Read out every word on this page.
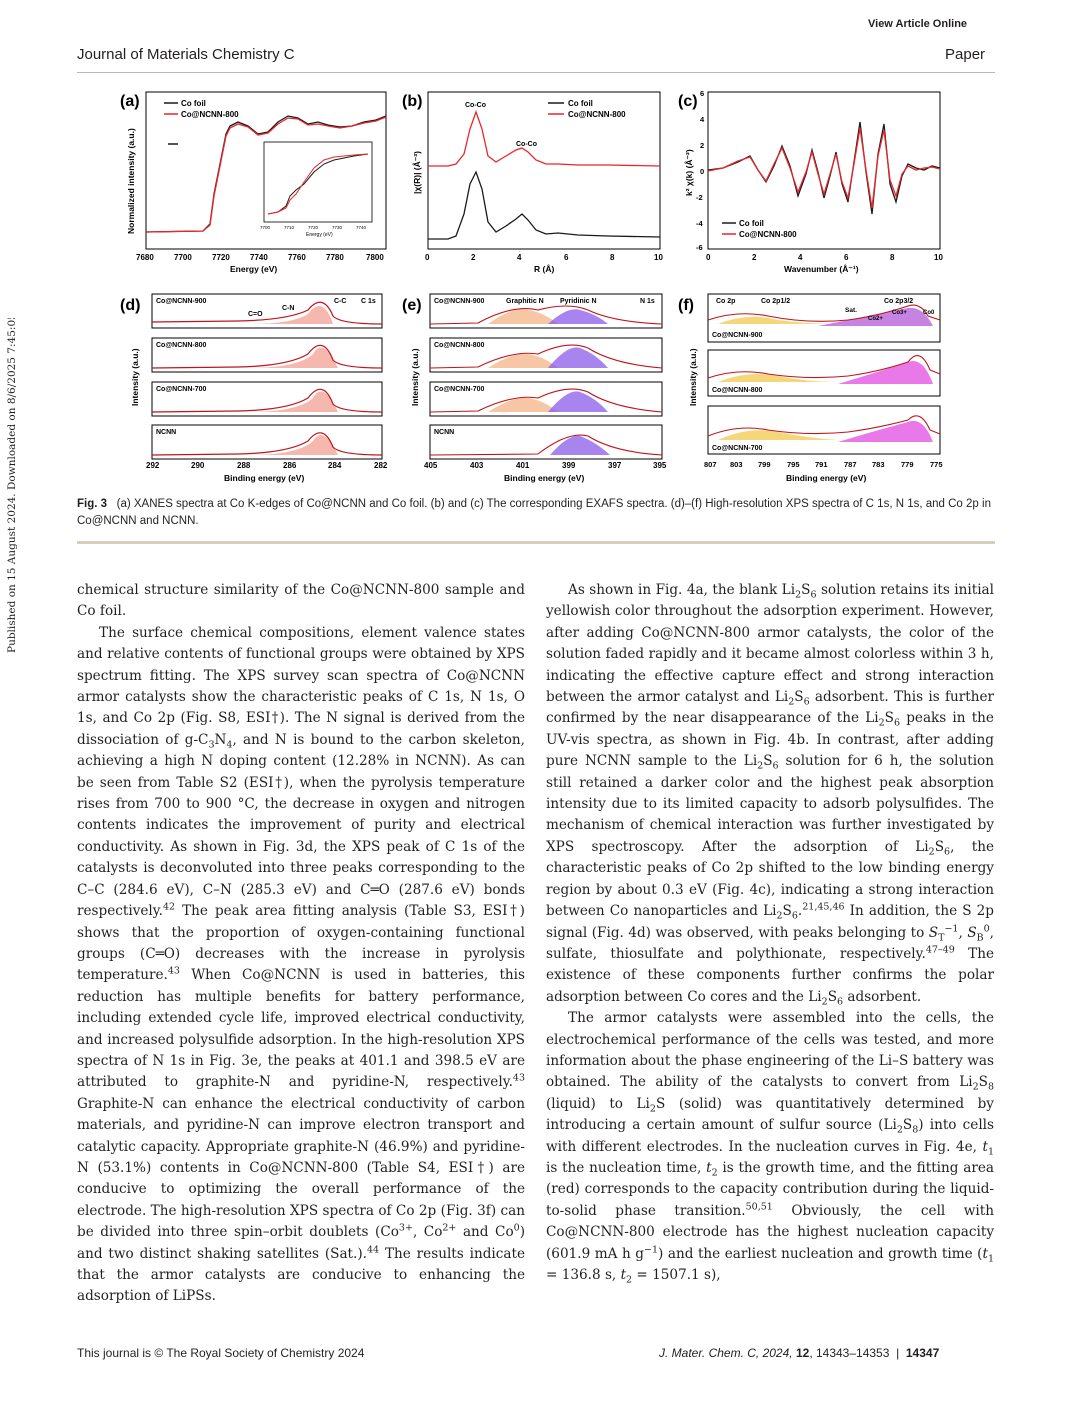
Published on 15 August 2024. Downloaded on 8/6/2025 7:45:05 AM.
View Article Online
Journal of Materials Chemistry C	Paper
(a)
Normalized intensity (a.u.)
Co foil
Co@NCNN-800
7700	7710	7720	7730	7740
Energy (eV)
7680	7700	7720	7740	7760	7780	7800
Energy (eV)
(b)
|χ(R)| (Å⁻³)
Co-Co
Co-Co
Co foil
Co@NCNN-800
0	2	4	6	8	10
R (Å)
(c)
k² χ(k) (Å⁻²)
6
4
2
0
-2
-4
-6
Co foil
Co@NCNN-800
0	2	4	6	8	10
Wavenumber (Å⁻¹)
(d)
Intensity (a.u.)
Co@NCNN-900
Co@NCNN-800
Co@NCNN-700
NCNN
C 1s
C=O
C-N
C-C
292	290	288	286	284	282
Binding energy (eV)
(e)
Intensity (a.u.)
Co@NCNN-900
Co@NCNN-800
Co@NCNN-700
NCNN
Graphitic N Pyridinic N	N 1s
405	403	401	399	397	395
Binding energy (eV)
(f)
Intensity (a.u.)
Co 2p	Co 2p1/2	Co 2p3/2
Sat.
Co2+
Co3+	Co0
Co@NCNN-900
Co@NCNN-800
Co@NCNN-700
807 803 799 795 791 787 783 779 775
Binding energy (eV)
Fig. 3 (a) XANES spectra at Co K-edges of Co@NCNN and Co foil. (b) and (c) The corresponding EXAFS spectra. (d)–(f) High-resolution XPS spectra of C 1s, N 1s, and Co 2p in Co@NCNN and NCNN.

chemical structure similarity of the Co@NCNN-800 sample and Co foil.

The surface chemical compositions, element valence states and relative contents of functional groups were obtained by XPS spectrum fitting. The XPS survey scan spectra of Co@NCNN armor catalysts show the characteristic peaks of C 1s, N 1s, O 1s, and Co 2p (Fig. S8, ESI†). The N signal is derived from the dissociation of $g-C_3N_4$, and N is bound to the carbon skeleton, achieving a high N doping content (12.28% in NCNN). As can be seen from Table S2 (ESI†), when the pyrolysis temperature rises from 700 to 900 °C, the decrease in oxygen and nitrogen contents indicates the improvement of purity and electrical conductivity. As shown in Fig. 3d, the XPS peak of C 1s of the catalysts is deconvoluted into three peaks corresponding to the C–C (284.6 eV), C–N (285.3 eV) and C═O (287.6 eV) bonds respectively.$^{42}$ The peak area fitting analysis (Table S3, ESI†) shows that the proportion of oxygen-containing functional groups (C═O) decreases with the increase in pyrolysis temperature.$^{43}$ When Co@NCNN is used in batteries, this reduction has multiple benefits for battery performance, including extended cycle life, improved electrical conductivity, and increased polysulfide adsorption. In the high-resolution XPS spectra of N 1s in Fig. 3e, the peaks at 401.1 and 398.5 eV are attributed to graphite-N and pyridine-N, respectively.$^{43}$ Graphite-N can enhance the electrical conductivity of carbon materials, and pyridine-N can improve electron transport and catalytic capacity. Appropriate graphite-N (46.9%) and pyridine-N (53.1%) contents in Co@NCNN-800 (Table S4, ESI†) are conducive to optimizing the overall performance of the electrode. The high-resolution XPS spectra of Co 2p (Fig. 3f) can be divided into three spin–orbit doublets ($Co^{3+}$, $Co^{2+}$ and Co$^0$) and two distinct shaking satellites (Sat.).$^{44}$ The results indicate that the armor catalysts are conducive to enhancing the adsorption of LiPSs.

As shown in Fig. 4a, the blank $Li_2S_6$ solution retains its initial yellowish color throughout the adsorption experiment. However, after adding Co@NCNN-800 armor catalysts, the color of the solution faded rapidly and it became almost colorless within 3 h, indicating the effective capture effect and strong interaction between the armor catalyst and $Li_2S_6$ adsorbent. This is further confirmed by the near disappearance of the $Li_2S_6$ peaks in the UV-vis spectra, as shown in Fig. 4b. In contrast, after adding pure NCNN sample to the $Li_2S_6$ solution for 6 h, the solution still retained a darker color and the highest peak absorption intensity due to its limited capacity to adsorb polysulfides. The mechanism of chemical interaction was further investigated by XPS spectroscopy. After the adsorption of $Li_2S_6$, the characteristic peaks of Co 2p shifted to the low binding energy region by about 0.3 eV (Fig. 4c), indicating a strong interaction between Co nanoparticles and $Li_2S_6.^{21,45,46}$ In addition, the S 2p signal (Fig. 4d) was observed, with peaks belonging to $S_T^{-1}$, $S_B^0$, sulfate, thiosulfate and polythionate, respectively.$^{47-49}$ The existence of these components further confirms the polar adsorption between Co cores and the $Li_2S_6$ adsorbent.

The armor catalysts were assembled into the cells, the electrochemical performance of the cells was tested, and more information about the phase engineering of the Li–S battery was obtained. The ability of the catalysts to convert from $Li_2S_8$ (liquid) to $Li_2S$ (solid) was quantitatively determined by introducing a certain amount of sulfur source $(Li_2S_8)$ into cells with different electrodes. In the nucleation curves in Fig. 4e, $t_1$ is the nucleation time, $t_2$ is the growth time, and the fitting area (red) corresponds to the capacity contribution during the liquid-to-solid phase transition.$^{50,51}$ Obviously, the cell with Co@NCNN-800 electrode has the highest nucleation capacity (601.9 mA h $g^{-1}$) and the earliest nucleation and growth time ($t_1 = 136.8$ s, $t_2 = 1507.1$ s),

This journal is © The Royal Society of Chemistry 2024	J. Mater. Chem. C, 2024, 12, 14343–14353 | 14347
